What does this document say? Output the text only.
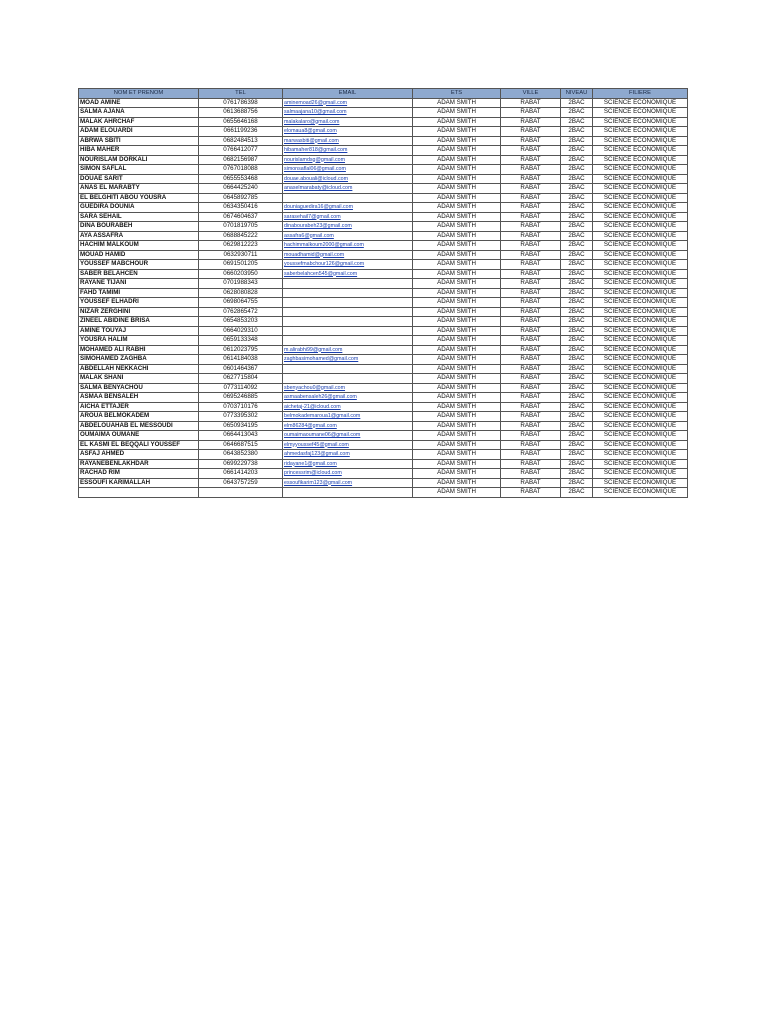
NOM ET PRENOM	TEL	EMAIL	ETS	VILLE	NIVEAU	FILIERE
MOAD AMINE	0761786398	aminemoad26@gmail.com	ADAM SMITH	RABAT	2BAC	SCIENCE ECONOMIQUE
SALMA AJANA	0613688756	salmaajana10@gmail.com	ADAM SMITH	RABAT	2BAC	SCIENCE ECONOMIQUE
MALAK AHRCHAF	0655646168	malakalaro@gmail.com	ADAM SMITH	RABAT	2BAC	SCIENCE ECONOMIQUE
ADAM ELOUARDI	0661199236	elomaua8@gmail.com	ADAM SMITH	RABAT	2BAC	SCIENCE ECONOMIQUE
ABRWA SBITI	0682484513	marwasbiti@gmail.com	ADAM SMITH	RABAT	2BAC	SCIENCE ECONOMIQUE
HIBA MAHER	0766412077	hibamaher818@gmail.com	ADAM SMITH	RABAT	2BAC	SCIENCE ECONOMIQUE
NOURISLAM DORKALI	0682156987	nourislamdsg@gmail.com	ADAM SMITH	RABAT	2BAC	SCIENCE ECONOMIQUE
SIMON SAFLAL	0767018088	simonsaflal06@gmail.com	ADAM SMITH	RABAT	2BAC	SCIENCE ECONOMIQUE
DOUAE SARIT	0655553468	douae.abouali@icloud.com	ADAM SMITH	RABAT	2BAC	SCIENCE ECONOMIQUE
ANAS EL MARABTY	0664425240	anaselmarabaty@icloud.com	ADAM SMITH	RABAT	2BAC	SCIENCE ECONOMIQUE
EL BELGHITI ABOU YOUSRA	0645892785		ADAM SMITH	RABAT	2BAC	SCIENCE ECONOMIQUE
GUEDIRA DOUNIA	0634350416	douniaguedira16@gmail.com	ADAM SMITH	RABAT	2BAC	SCIENCE ECONOMIQUE
SARA SEHAIL	0674604637	sarasehail7@gmail.com	ADAM SMITH	RABAT	2BAC	SCIENCE ECONOMIQUE
DINA BOURABEH	0701819705	dinabourabeh23@gmail.com	ADAM SMITH	RABAT	2BAC	SCIENCE ECONOMIQUE
AYA ASSAFRA	0688845222	assafra6@gmail.com	ADAM SMITH	RABAT	2BAC	SCIENCE ECONOMIQUE
HACHIM MALKOUM	0629812223	hachimmalkoum2000@gmail.com	ADAM SMITH	RABAT	2BAC	SCIENCE ECONOMIQUE
MOUAD HAMID	0632930711	mouadhamid@gmail.com	ADAM SMITH	RABAT	2BAC	SCIENCE ECONOMIQUE
YOUSSEF MABCHOUR	0691501205	youssefmabchour126@gmail.com	ADAM SMITH	RABAT	2BAC	SCIENCE ECONOMIQUE
SABER BELAHCEN	0660203950	saberbelahcen545@gmail.com	ADAM SMITH	RABAT	2BAC	SCIENCE ECONOMIQUE
RAYANE TIJANI	0701988343		ADAM SMITH	RABAT	2BAC	SCIENCE ECONOMIQUE
FAHD TAMIMI	0628080828		ADAM SMITH	RABAT	2BAC	SCIENCE ECONOMIQUE
YOUSSEF ELHADRI	0698064755		ADAM SMITH	RABAT	2BAC	SCIENCE ECONOMIQUE
NIZAR ZERGHINI	0762865472		ADAM SMITH	RABAT	2BAC	SCIENCE ECONOMIQUE
ZINEEL ABIDINE BRISA	0654853203		ADAM SMITH	RABAT	2BAC	SCIENCE ECONOMIQUE
AMINE TOUYAJ	0664029310		ADAM SMITH	RABAT	2BAC	SCIENCE ECONOMIQUE
YOUSRA HALIM	0659133348		ADAM SMITH	RABAT	2BAC	SCIENCE ECONOMIQUE
MOHAMED ALI RABHI	0612023795	m.alirabhi99@gmail.com	ADAM SMITH	RABAT	2BAC	SCIENCE ECONOMIQUE
SIMOHAMED ZAGHBA	0614184038	zaghbasimohamed@gmail.com	ADAM SMITH	RABAT	2BAC	SCIENCE ECONOMIQUE
ABDELLAH NEKKACHI	0601464367		ADAM SMITH	RABAT	2BAC	SCIENCE ECONOMIQUE
MALAK SHANI	0627715804		ADAM SMITH	RABAT	2BAC	SCIENCE ECONOMIQUE
SALMA BENYACHOU	0773114092	sbenyachou0@gmail.com	ADAM SMITH	RABAT	2BAC	SCIENCE ECONOMIQUE
ASMAA BENSALEH	0695246885	asmaabensaleh26@gmail.com	ADAM SMITH	RABAT	2BAC	SCIENCE ECONOMIQUE
AICHA ETTAJER	0703710176	aichetaj-21@icloud.com	ADAM SMITH	RABAT	2BAC	SCIENCE ECONOMIQUE
AROUA BELMOKADEM	0773395302	belmokademaroua1@gmail.com	ADAM SMITH	RABAT	2BAC	SCIENCE ECONOMIQUE
ABDELOUAHAB EL MESSOUDI	0650934195	elm86284@gmail.com	ADAM SMITH	RABAT	2BAC	SCIENCE ECONOMIQUE
OUMAIMA OUMANE	0664413043	oumaimaoumane06@gmail.com	ADAM SMITH	RABAT	2BAC	SCIENCE ECONOMIQUE
EL KASMI EL BEQQALI YOUSSEF	0646687515	elmyyoussef45@gmail.com	ADAM SMITH	RABAT	2BAC	SCIENCE ECONOMIQUE
ASFAJ AHMED	0643852380	ahmedasfaj123@gmail.com	ADAM SMITH	RABAT	2BAC	SCIENCE ECONOMIQUE
RAYANEBENLAKHDAR	0699229738	ridayane1@gmail.com	ADAM SMITH	RABAT	2BAC	SCIENCE ECONOMIQUE
RACHAD RIM	0661414203	princessrim@icloud.com	ADAM SMITH	RABAT	2BAC	SCIENCE ECONOMIQUE
ESSOUFI KARIMALLAH	0643757259	essoufikarim123@gmail.com	ADAM SMITH	RABAT	2BAC	SCIENCE ECONOMIQUE
			ADAM SMITH	RABAT	2BAC	SCIENCE ECONOMIQUE
